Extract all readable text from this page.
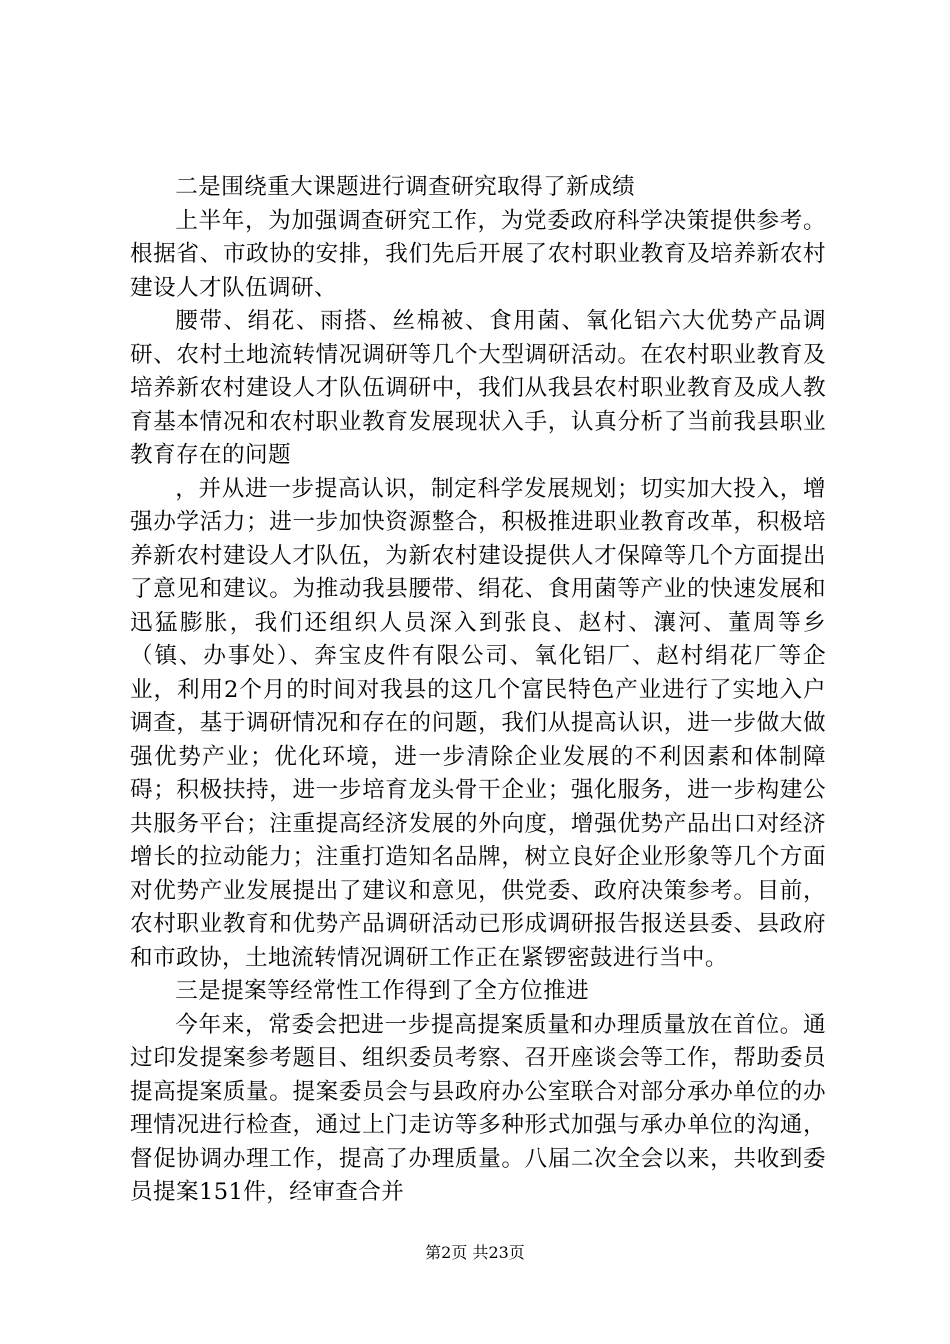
二是围绕重大课题进行调查研究取得了新成绩

上半年，为加强调查研究工作，为党委政府科学决策提供参考。根据省、市政协的安排，我们先后开展了农村职业教育及培养新农村建设人才队伍调研、

腰带、绢花、雨搭、丝棉被、食用菌、氧化铝六大优势产品调研、农村土地流转情况调研等几个大型调研活动。在农村职业教育及培养新农村建设人才队伍调研中，我们从我县农村职业教育及成人教育基本情况和农村职业教育发展现状入手，认真分析了当前我县职业教育存在的问题

，并从进一步提高认识，制定科学发展规划；切实加大投入，增强办学活力；进一步加快资源整合，积极推进职业教育改革，积极培养新农村建设人才队伍，为新农村建设提供人才保障等几个方面提出了意见和建议。为推动我县腰带、绢花、食用菌等产业的快速发展和迅猛膨胀，我们还组织人员深入到张良、赵村、瀼河、董周等乡（镇、办事处）、奔宝皮件有限公司、氧化铝厂、赵村绢花厂等企业，利用2个月的时间对我县的这几个富民特色产业进行了实地入户调查，基于调研情况和存在的问题，我们从提高认识，进一步做大做强优势产业；优化环境，进一步清除企业发展的不利因素和体制障碍；积极扶持，进一步培育龙头骨干企业；强化服务，进一步构建公共服务平台；注重提高经济发展的外向度，增强优势产品出口对经济增长的拉动能力；注重打造知名品牌，树立良好企业形象等几个方面对优势产业发展提出了建议和意见，供党委、政府决策参考。目前，农村职业教育和优势产品调研活动已形成调研报告报送县委、县政府和市政协，土地流转情况调研工作正在紧锣密鼓进行当中。

三是提案等经常性工作得到了全方位推进

今年来，常委会把进一步提高提案质量和办理质量放在首位。通过印发提案参考题目、组织委员考察、召开座谈会等工作，帮助委员提高提案质量。提案委员会与县政府办公室联合对部分承办单位的办理情况进行检查，通过上门走访等多种形式加强与承办单位的沟通，督促协调办理工作，提高了办理质量。八届二次全会以来，共收到委员提案151件，经审查合并

第2页 共23页
